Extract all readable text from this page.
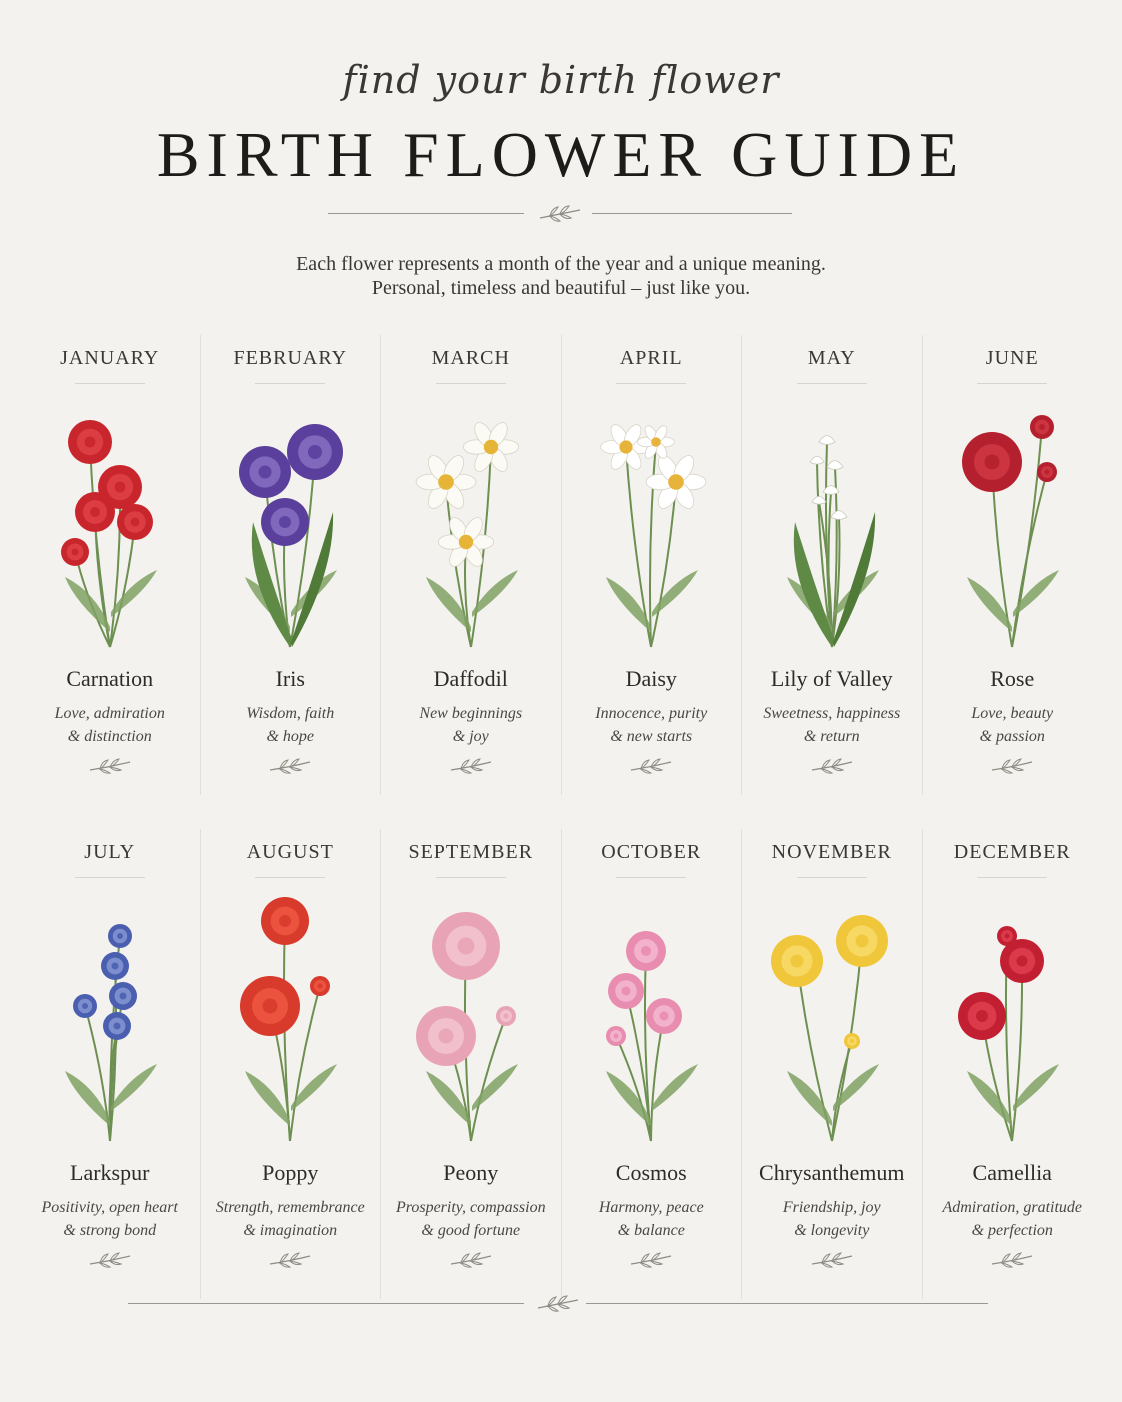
find your birth flower
BIRTH FLOWER GUIDE
Each flower represents a month of the year and a unique meaning.
Personal, timeless and beautiful – just like you.
JANUARY
Carnation
Love, admiration
& distinction
FEBRUARY
Iris
Wisdom, faith
& hope
MARCH
Daffodil
New beginnings
& joy
APRIL
Daisy
Innocence, purity
& new starts
MAY
Lily of Valley
Sweetness, happiness
& return
JUNE
Rose
Love, beauty
& passion
JULY
Larkspur
Positivity, open heart
& strong bond
AUGUST
Poppy
Strength, remembrance
& imagination
SEPTEMBER
Peony
Prosperity, compassion
& good fortune
OCTOBER
Cosmos
Harmony, peace
& balance
NOVEMBER
Chrysanthemum
Friendship, joy
& longevity
DECEMBER
Camellia
Admiration, gratitude
& perfection
